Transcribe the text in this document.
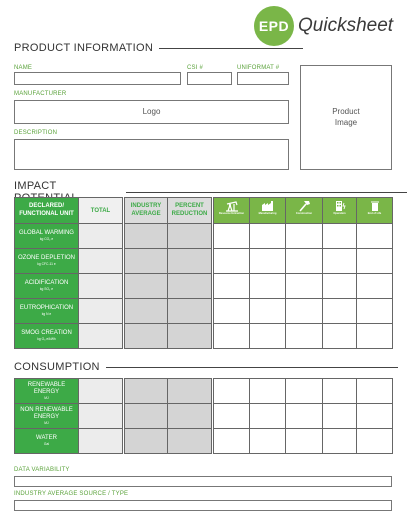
EPD Quicksheet
PRODUCT INFORMATION
NAME	CSI #	UNIFORMAT #
Product Image
MANUFACTURER
Logo
DESCRIPTION
IMPACT
DECLARED/ FUNCTIONAL UNIT	TOTAL		INDUSTRY AVERAGE	PERCENT REDUCTION		Resource Extraction	Manufacturing	Construction	Operation	End of Life

GLOBAL WARMING
kg CO₂ e										

OZONE DEPLETION
kg CFC-11 e										

ACIDIFICATION
kg SO₂ e										

EUTROPHICATION
kg N e										

SMOG CREATION
kg O₃ e/kWh										

CONSUMPTION
RENEWABLE ENERGY
MJ										

NON RENEWABLE ENERGY
MJ										

WATER
Gal										

DATA VARIABILITY
INDUSTRY AVERAGE SOURCE / TYPE
